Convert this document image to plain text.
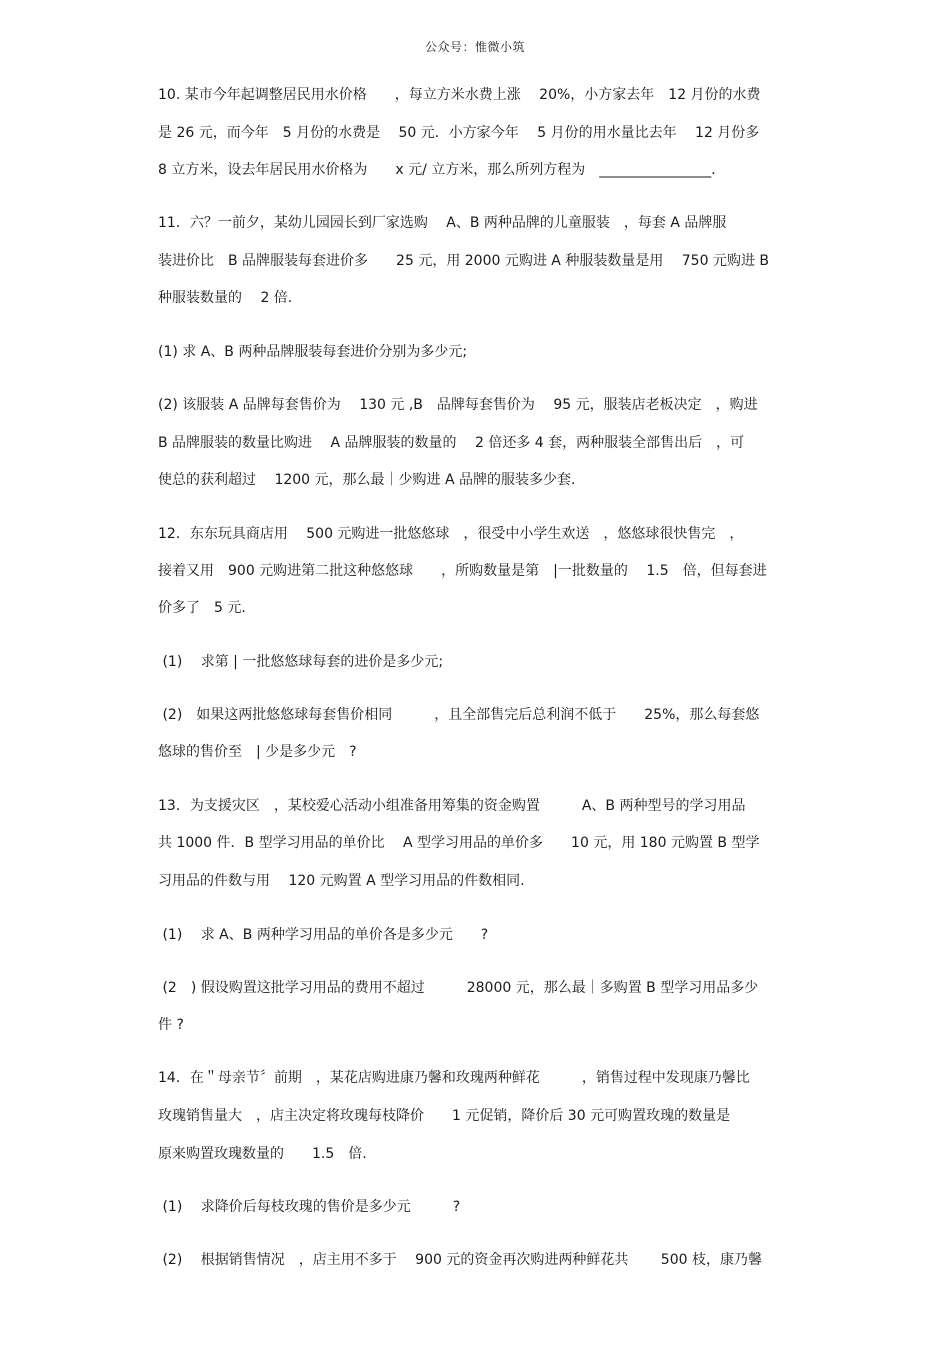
公众号：惟微小筑
10. 某市今年起调整居民用水价格　　，每立方米水费上涨　 20%，小方家去年　12 月份的水费
是 26 元，而今年　5 月份的水费是　 50 元．小方家今年　 5 月份的用水量比去年　 12 月份多
8 立方米，设去年居民用水价格为　　x 元/ 立方米，那么所列方程为　________________．
11．六？一前夕，某幼儿园园长到厂家选购　 A、B 两种品牌的儿童服装　，每套 A 品牌服
装进价比　B 品牌服装每套进价多　　25 元，用 2000 元购进 A 种服装数量是用　 750 元购进 B
种服装数量的　 2 倍.
(1) 求 A、B 两种品牌服装每套进价分别为多少元;
(2) 该服装 A 品牌每套售价为　 130 元 ,B　品牌每套售价为　 95 元，服装店老板决定　，购进
B 品牌服装的数量比购进　 A 品牌服装的数量的　 2 倍还多 4 套，两种服装全部售出后　，可
使总的获利超过　 1200 元，那么最｜少购进 A 品牌的服装多少套.
12．东东玩具商店用　 500 元购进一批悠悠球　，很受中小学生欢送　，悠悠球很快售完　，
接着又用　900 元购进第二批这种悠悠球　　，所购数量是第　|一批数量的　 1.5　倍，但每套进
价多了　5 元.
(1)　 求第 | 一批悠悠球每套的进价是多少元;
(2)　如果这两批悠悠球每套售价相同　　　，且全部售完后总利润不低于　　25%，那么每套悠
悠球的售价至　| 少是多少元　?
13．为支援灾区　，某校爱心活动小组准备用筹集的资金购置　　　A、B 两种型号的学习用品
共 1000 件．B 型学习用品的单价比　 A 型学习用品的单价多　　10 元，用 180 元购置 B 型学
习用品的件数与用　 120 元购置 A 型学习用品的件数相同.
(1)　 求 A、B 两种学习用品的单价各是多少元　　?
(2　) 假设购置这批学习用品的费用不超过　　　28000 元，那么最｜多购置 B 型学习用品多少
件 ?
14．在＂母亲节〞前期　，某花店购进康乃馨和玫瑰两种鲜花　　　，销售过程中发现康乃馨比
玫瑰销售量大　，店主决定将玫瑰每枝降价　　1 元促销，降价后 30 元可购置玫瑰的数量是
原来购置玫瑰数量的　　1.5　倍.
(1)　 求降价后每枝玫瑰的售价是多少元　　　?
(2)　 根据销售情况　，店主用不多于　 900 元的资金再次购进两种鲜花共　　 500 枝，康乃馨
